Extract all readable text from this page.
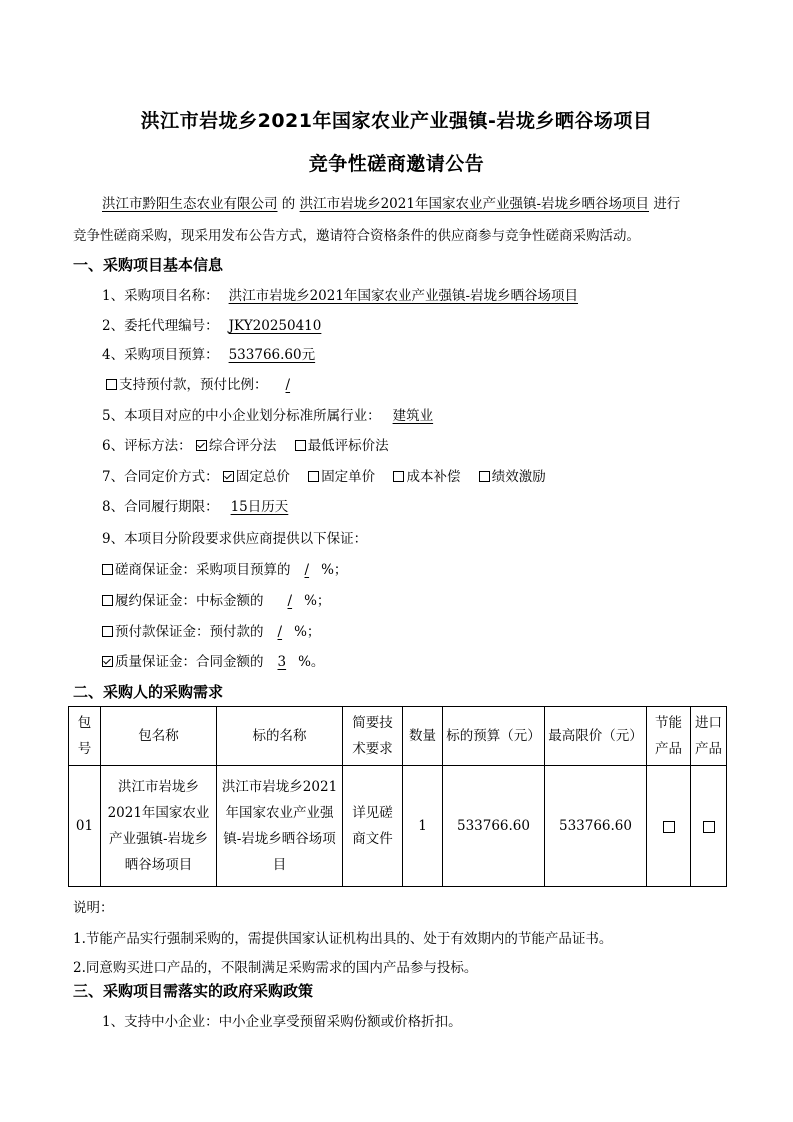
洪江市岩垅乡2021年国家农业产业强镇-岩垅乡晒谷场项目
竞争性磋商邀请公告
洪江市黔阳生态农业有限公司 的 洪江市岩垅乡2021年国家农业产业强镇-岩垅乡晒谷场项目 进行
竞争性磋商采购，现采用发布公告方式，邀请符合资格条件的供应商参与竞争性磋商采购活动。
一、采购项目基本信息
1、采购项目名称： 洪江市岩垅乡2021年国家农业产业强镇-岩垅乡晒谷场项目
2、委托代理编号： JKY20250410
4、采购项目预算： 533766.60元
支持预付款，预付比例： /
5、本项目对应的中小企业划分标准所属行业： 建筑业
6、评标方法： 综合评分法 最低评标价法
7、合同定价方式： 固定总价 固定单价 成本补偿 绩效激励
8、合同履行期限： 15日历天
9、本项目分阶段要求供应商提供以下保证：
磋商保证金：采购项目预算的 / %；
履约保证金：中标金额的 / %；
预付款保证金：预付款的 / %；
质量保证金：合同金额的 3 %。
二、采购人的采购需求
包号	包名称	标的名称	简要技术要求	数量	标的预算（元）	最高限价（元）	节能产品	进口产品
01	洪江市岩垅乡2021年国家农业产业强镇-岩垅乡晒谷场项目	洪江市岩垅乡2021年国家农业产业强镇-岩垅乡晒谷场项目	详见磋商文件	1	533766.60	533766.60		
说明：
1.节能产品实行强制采购的，需提供国家认证机构出具的、处于有效期内的节能产品证书。
2.同意购买进口产品的，不限制满足采购需求的国内产品参与投标。
三、采购项目需落实的政府采购政策
1、支持中小企业：中小企业享受预留采购份额或价格折扣。
